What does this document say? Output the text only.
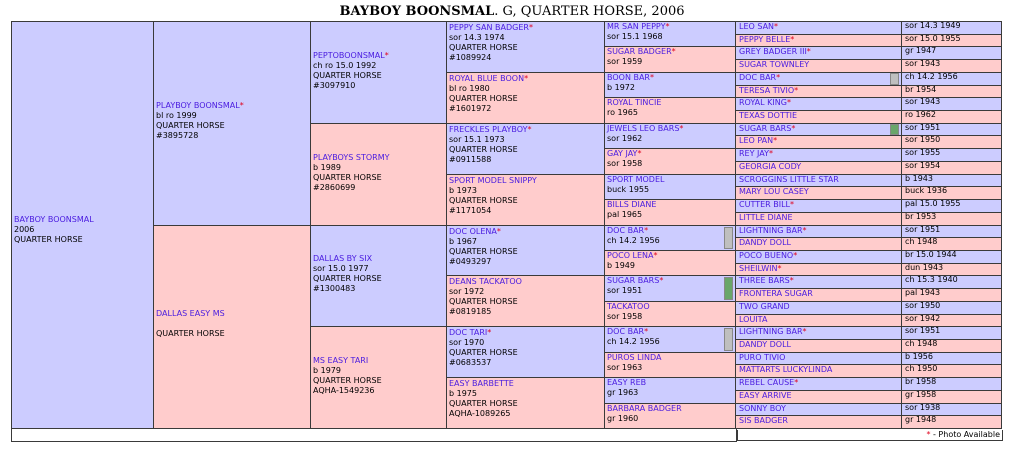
BAYBOY BOONSMAL. G, QUARTER HORSE, 2006
BAYBOY BOONSMAL
2006
QUARTER HORSE
PLAYBOY BOONSMAL*
bl ro 1999
QUARTER HORSE
#3895728
DALLAS EASY MS
QUARTER HORSE
PEPTOBOONSMAL*
ch ro 15.0 1992
QUARTER HORSE
#3097910
PLAYBOYS STORMY
b 1989
QUARTER HORSE
#2860699
DALLAS BY SIX
sor 15.0 1977
QUARTER HORSE
#1300483
MS EASY TARI
b 1979
QUARTER HORSE
AQHA-1549236
PEPPY SAN BADGER*
sor 14.3 1974
QUARTER HORSE
#1089924
ROYAL BLUE BOON*
bl ro 1980
QUARTER HORSE
#1601972
FRECKLES PLAYBOY*
sor 15.1 1973
QUARTER HORSE
#0911588
SPORT MODEL SNIPPY
b 1973
QUARTER HORSE
#1171054
DOC OLENA*
b 1967
QUARTER HORSE
#0493297
DEANS TACKATOO
sor 1972
QUARTER HORSE
#0819185
DOC TARI*
sor 1970
QUARTER HORSE
#0683537
EASY BARBETTE
b 1975
QUARTER HORSE
AQHA-1089265
MR SAN PEPPY*
sor 15.1 1968
SUGAR BADGER*
sor 1959
BOON BAR*
b 1972
ROYAL TINCIE
ro 1965
JEWELS LEO BARS*
sor 1962
GAY JAY*
sor 1958
SPORT MODEL
buck 1955
BILLS DIANE
pal 1965
DOC BAR*
ch 14.2 1956
POCO LENA*
b 1949
SUGAR BARS*
sor 1951
TACKATOO
sor 1958
DOC BAR*
ch 14.2 1956
PUROS LINDA
sor 1963
EASY REB
gr 1963
BARBARA BADGER
gr 1960
LEO SAN*	sor 14.3 1949
PEPPY BELLE*	sor 15.0 1955
GREY BADGER III*	gr 1947
SUGAR TOWNLEY	sor 1943
DOC BAR*	ch 14.2 1956
TERESA TIVIO*	br 1954
ROYAL KING*	sor 1943
TEXAS DOTTIE	ro 1962
SUGAR BARS*	sor 1951
LEO PAN*	sor 1950
REY JAY*	sor 1955
GEORGIA CODY	sor 1954
SCROGGINS LITTLE STAR	b 1943
MARY LOU CASEY	buck 1936
CUTTER BILL*	pal 15.0 1955
LITTLE DIANE	br 1953
LIGHTNING BAR*	sor 1951
DANDY DOLL	ch 1948
POCO BUENO*	br 15.0 1944
SHEILWIN*	dun 1943
THREE BARS*	ch 15.3 1940
FRONTERA SUGAR	pal 1943
TWO GRAND	sor 1950
LOUITA	sor 1942
LIGHTNING BAR*	sor 1951
DANDY DOLL	ch 1948
PURO TIVIO	b 1956
MATTARTS LUCKYLINDA	ch 1950
REBEL CAUSE*	br 1958
EASY ARRIVE	gr 1958
SONNY BOY	sor 1938
SIS BADGER	gr 1948
* - Photo Available
